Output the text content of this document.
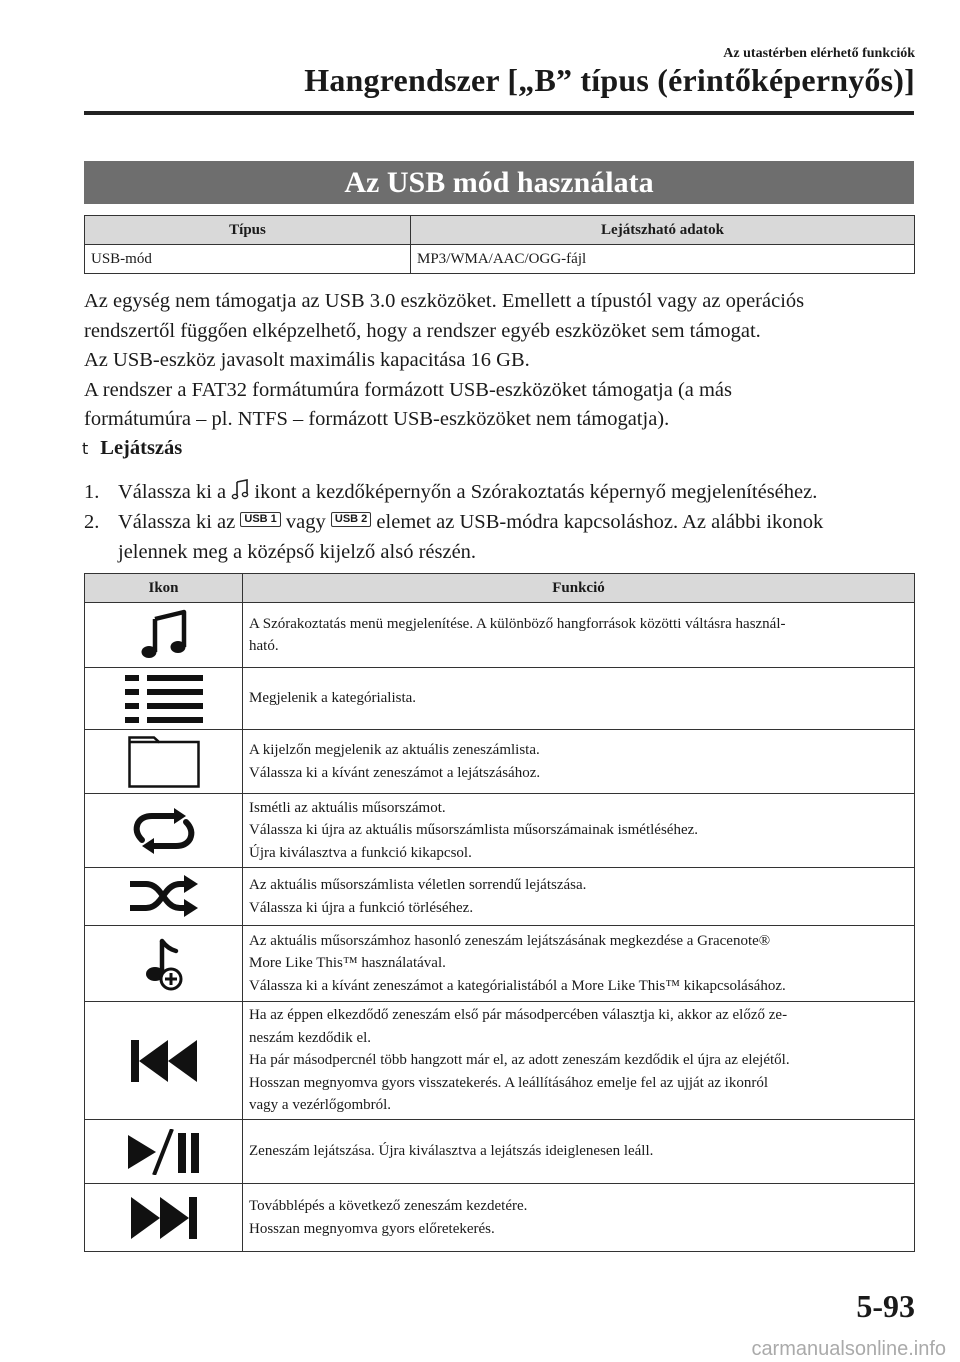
Az utastérben elérhető funkciók
Hangrendszer [„B” típus (érintőképernyős)]
Az USB mód használata
Típus	Lejátszható adatok
USB-mód	MP3/WMA/AAC/OGG-fájl

Az egység nem támogatja az USB 3.0 eszközöket. Emellett a típustól vagy az operációs

rendszertől függően elképzelhető, hogy a rendszer egyéb eszközöket sem támogat.

Az USB-eszköz javasolt maximális kapacitása 16 GB.

A rendszer a FAT32 formátumúra formázott USB-eszközöket támogatja (a más

formátumúra – pl. NTFS – formázott USB-eszközöket nem támogatja).

t Lejátszás
1. Válassza ki a ikont a kezdőképernyőn a Szórakoztatás képernyő megjelenítéséhez.
2. Válassza ki az USB 1 vagy USB 2 elemet az USB-módra kapcsoláshoz. Az alábbi ikonok
jelennek meg a középső kijelző alsó részén.
Ikon	Funkció
	A Szórakoztatás menü megjelenítése. A különböző hangforrások közötti váltásra használ-
ható.
	Megjelenik a kategórialista.
	A kijelzőn megjelenik az aktuális zeneszámlista.
Válassza ki a kívánt zeneszámot a lejátszásához.
	Ismétli az aktuális műsorszámot.
Válassza ki újra az aktuális műsorszámlista műsorszámainak ismétléséhez.
Újra kiválasztva a funkció kikapcsol.
	Az aktuális műsorszámlista véletlen sorrendű lejátszása.
Válassza ki újra a funkció törléséhez.
	Az aktuális műsorszámhoz hasonló zeneszám lejátszásának megkezdése a Gracenote®
More Like This™ használatával.
Válassza ki a kívánt zeneszámot a kategórialistából a More Like This™ kikapcsolásához.
	Ha az éppen elkezdődő zeneszám első pár másodpercében választja ki, akkor az előző ze-
neszám kezdődik el.
Ha pár másodpercnél több hangzott már el, az adott zeneszám kezdődik el újra az elejétől.
Hosszan megnyomva gyors visszatekerés. A leállításához emelje fel az ujját az ikonról
vagy a vezérlőgombról.
	Zeneszám lejátszása. Újra kiválasztva a lejátszás ideiglenesen leáll.
	Továbblépés a következő zeneszám kezdetére.
Hosszan megnyomva gyors előretekerés.
5-93
carmanualsonline.info
